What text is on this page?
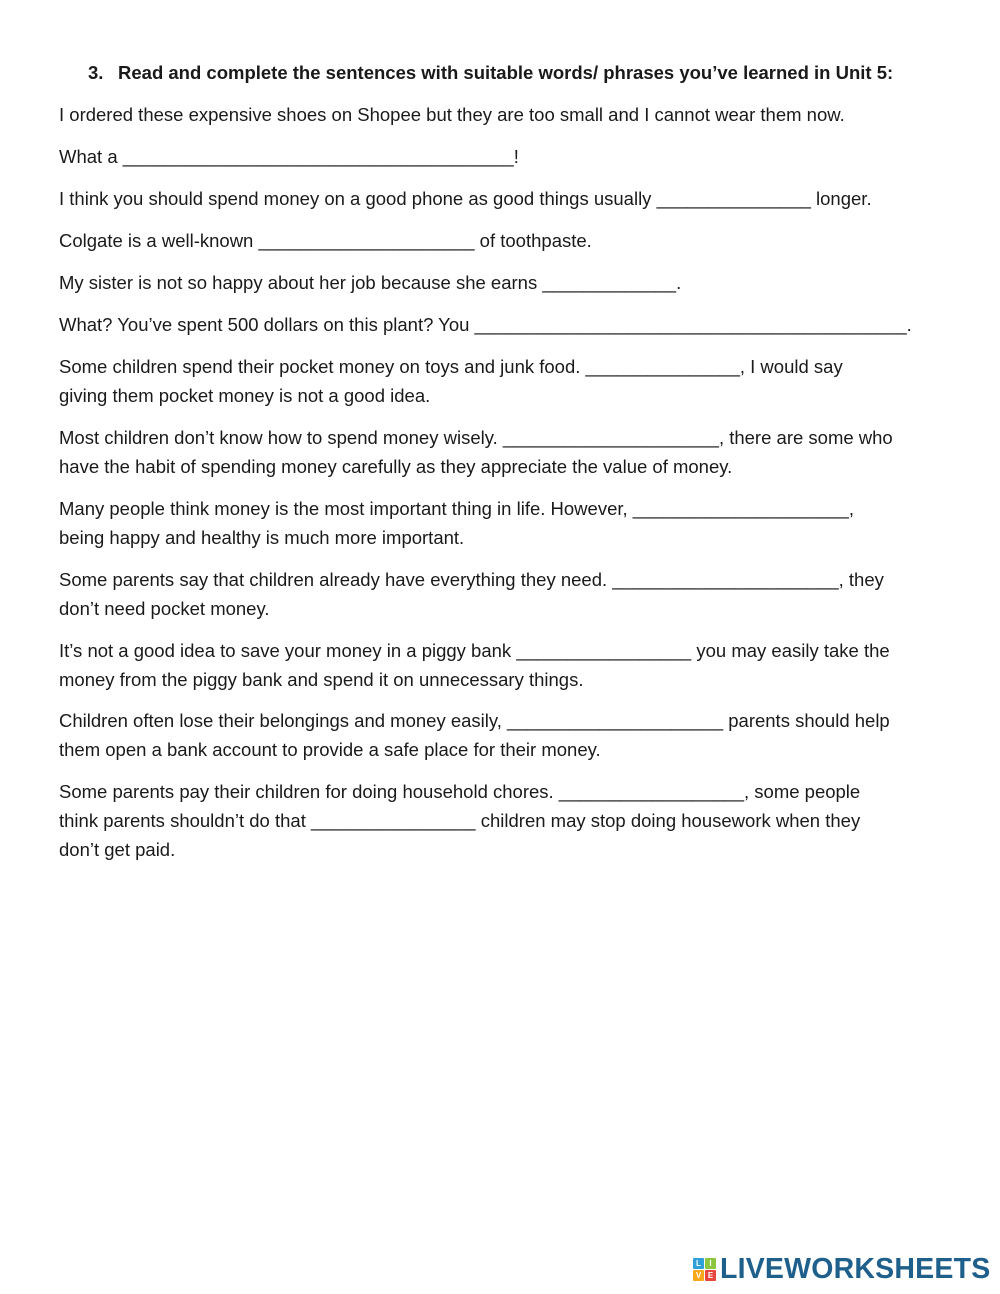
3. Read and complete the sentences with suitable words/ phrases you’ve learned in Unit 5:
I ordered these expensive shoes on Shopee but they are too small and I cannot wear them now.
What a ______________________________________!
I think you should spend money on a good phone as good things usually _______________ longer.
Colgate is a well-known _____________________ of toothpaste.
My sister is not so happy about her job because she earns _____________.
What? You’ve spent 500 dollars on this plant? You __________________________________________.
Some children spend their pocket money on toys and junk food. _______________, I would say
giving them pocket money is not a good idea.
Most children don’t know how to spend money wisely. _____________________, there are some who
have the habit of spending money carefully as they appreciate the value of money.
Many people think money is the most important thing in life. However, _____________________,
being happy and healthy is much more important.
Some parents say that children already have everything they need. ______________________, they
don’t need pocket money.
It’s not a good idea to save your money in a piggy bank _________________ you may easily take the
money from the piggy bank and spend it on unnecessary things.
Children often lose their belongings and money easily, _____________________ parents should help
them open a bank account to provide a safe place for their money.
Some parents pay their children for doing household chores. __________________, some people
think parents shouldn’t do that ________________ children may stop doing housework when they
don’t get paid.
L	I
V E LIVEWORKSHEETS
